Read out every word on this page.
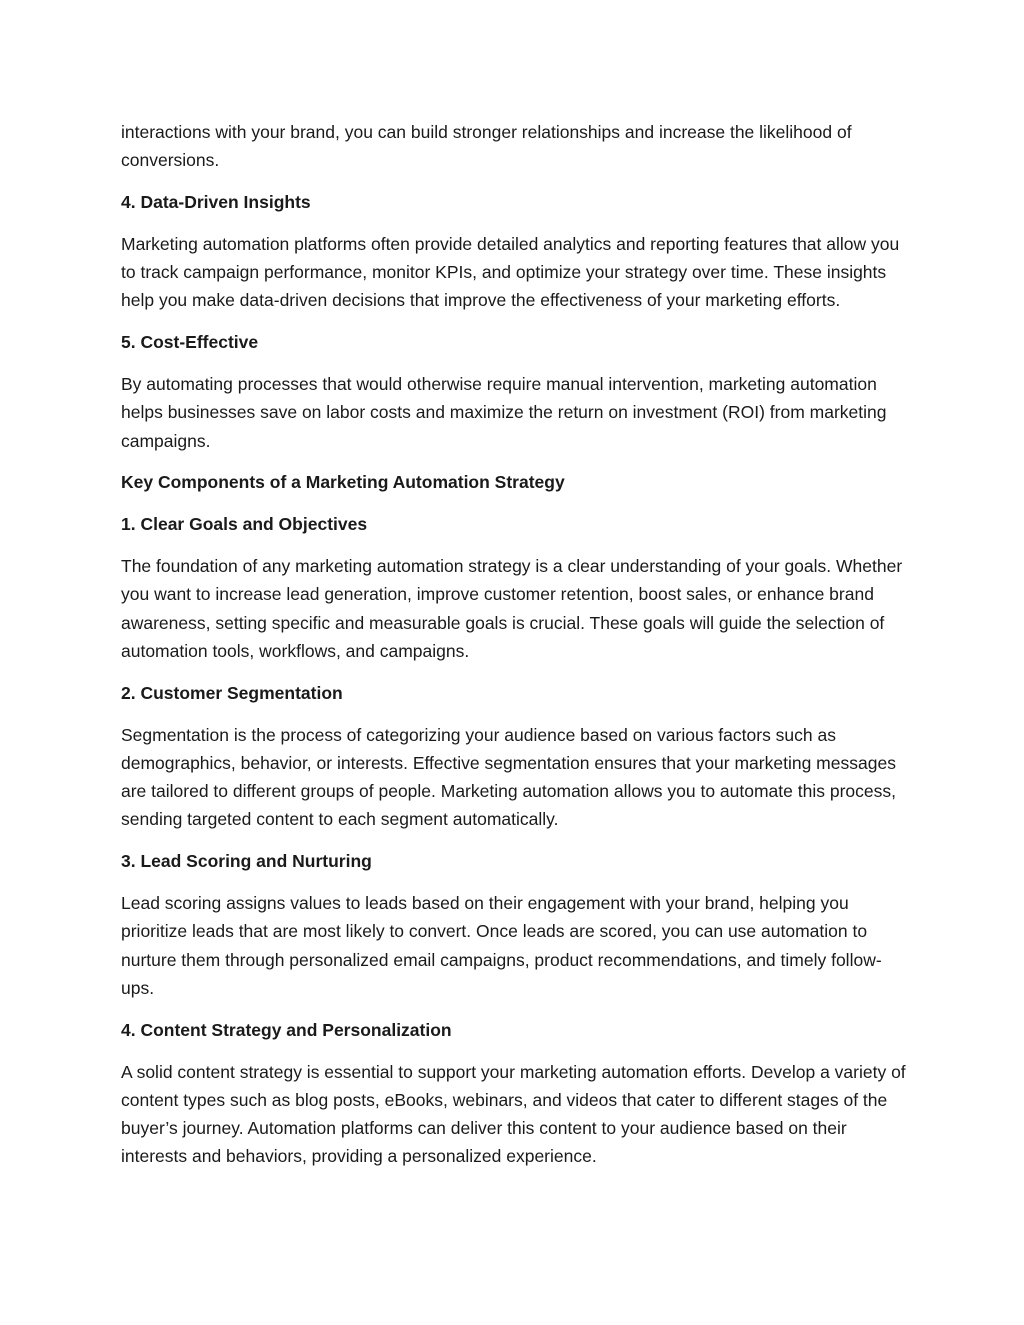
interactions with your brand, you can build stronger relationships and increase the likelihood of conversions.

4. Data-Driven Insights

Marketing automation platforms often provide detailed analytics and reporting features that allow you to track campaign performance, monitor KPIs, and optimize your strategy over time. These insights help you make data-driven decisions that improve the effectiveness of your marketing efforts.

5. Cost-Effective

By automating processes that would otherwise require manual intervention, marketing automation helps businesses save on labor costs and maximize the return on investment (ROI) from marketing campaigns.

Key Components of a Marketing Automation Strategy

1. Clear Goals and Objectives

The foundation of any marketing automation strategy is a clear understanding of your goals. Whether you want to increase lead generation, improve customer retention, boost sales, or enhance brand awareness, setting specific and measurable goals is crucial. These goals will guide the selection of automation tools, workflows, and campaigns.

2. Customer Segmentation

Segmentation is the process of categorizing your audience based on various factors such as demographics, behavior, or interests. Effective segmentation ensures that your marketing messages are tailored to different groups of people. Marketing automation allows you to automate this process, sending targeted content to each segment automatically.

3. Lead Scoring and Nurturing

Lead scoring assigns values to leads based on their engagement with your brand, helping you prioritize leads that are most likely to convert. Once leads are scored, you can use automation to nurture them through personalized email campaigns, product recommendations, and timely follow-ups.

4. Content Strategy and Personalization

A solid content strategy is essential to support your marketing automation efforts. Develop a variety of content types such as blog posts, eBooks, webinars, and videos that cater to different stages of the buyer’s journey. Automation platforms can deliver this content to your audience based on their interests and behaviors, providing a personalized experience.
